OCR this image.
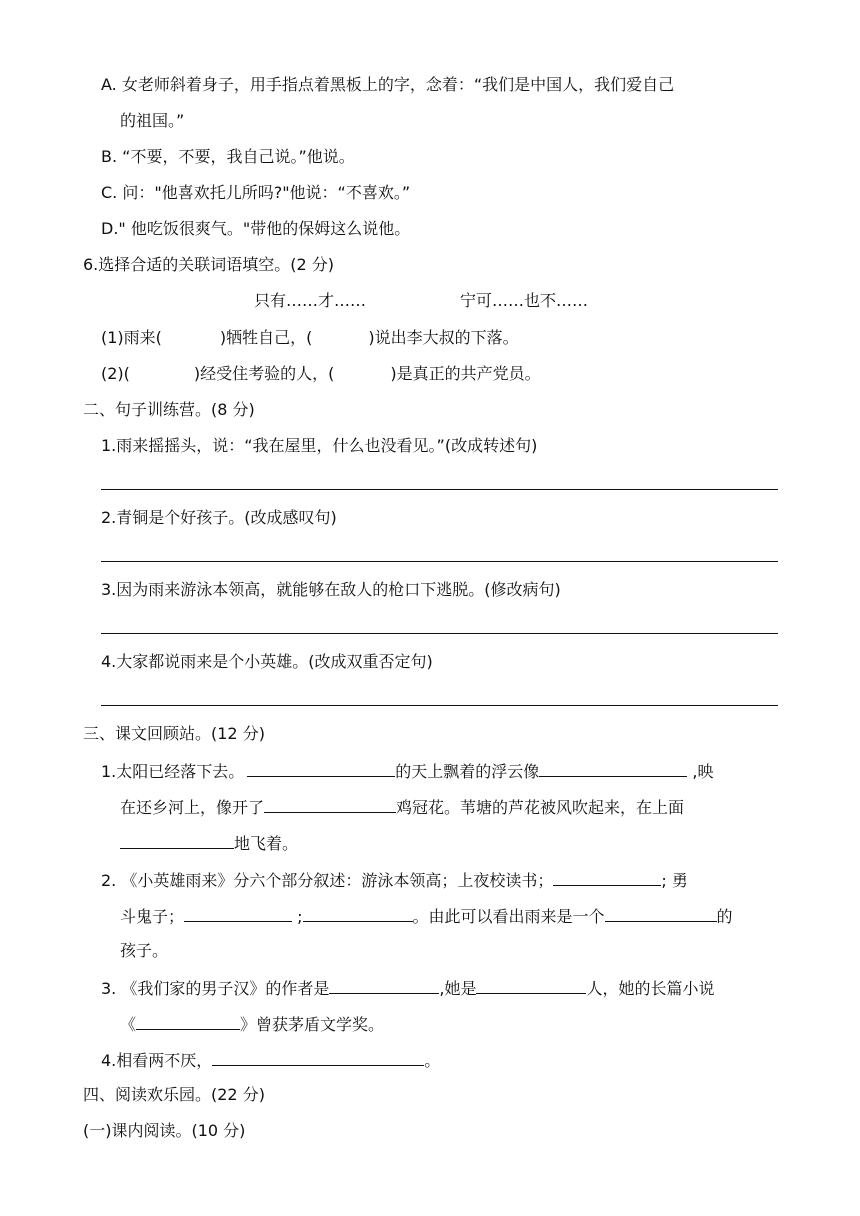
A. 女老师斜着身子，用手指点着黑板上的字，念着：“我们是中国人，我们爱自己
的祖国。”
B. “不要，不要，我自己说。”他说。
C. 问："他喜欢托儿所吗?"他说：“不喜欢。”
D." 他吃饭很爽气。"带他的保姆这么说他。
6.选择合适的关联词语填空。(2 分)
只有……才……	宁可……也不……
(1)雨来(	)牺牲自己，(	)说出李大叔的下落。
(2)(	)经受住考验的人，(	)是真正的共产党员。
二、句子训练营。(8 分)
1.雨来摇摇头，说：“我在屋里，什么也没看见。”(改成转述句)
2.青铜是个好孩子。(改成感叹句)
3.因为雨来游泳本领高，就能够在敌人的枪口下逃脱。(修改病句)
4.大家都说雨来是个小英雄。(改成双重否定句)
三、课文回顾站。(12 分)
1.太阳已经落下去。	的天上飘着的浮云像	,映
在还乡河上，像开了	鸡冠花。苇塘的芦花被风吹起来，在上面
地飞着。
2. 《小英雄雨来》分六个部分叙述：游泳本领高；上夜校读书；	; 勇
斗鬼子；	;	。由此可以看出雨来是一个	的
孩子。
3. 《我们家的男子汉》的作者是	,她是	人，她的长篇小说
《	》曾获茅盾文学奖。
4.相看两不厌，	。
四、阅读欢乐园。(22 分)
(一)课内阅读。(10 分)
